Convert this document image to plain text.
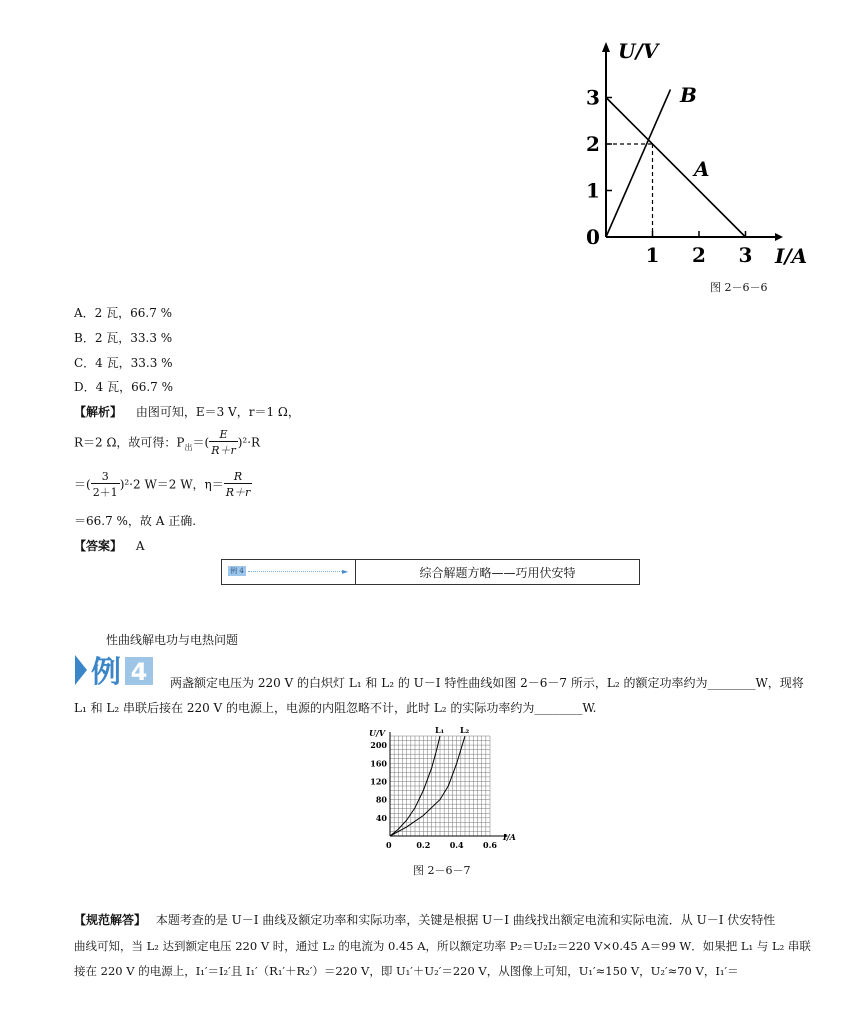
U/V
I/A
0
1 2 3
1
2
3	B
A
图 2－6－6
A．2 瓦，66.7 %
B．2 瓦，33.3 %
C．4 瓦，33.3 %
D．4 瓦，66.7 %
【解析】 由图可知，E＝3 V，r＝1 Ω，
R＝2 Ω，故可得：$P_出=( \frac{E}{R+r} )^2\cdot R$
＝( $\frac{3}{2+1} )^2\cdot 2$ W＝2 W，$\eta= \frac{R}{R+r}$
＝66.7 %，故 A 正确.
【答案】 A
例 4	►	综合解题方略——巧用伏安特
性曲线解电功与电热问题
例 4 两盏额定电压为 220 V 的白炽灯 L₁ 和 L₂ 的 U－I 特性曲线如图 2－6－7 所示，L₂ 的额定功率约为________W，现将
L₁ 和 L₂ 串联后接在 220 V 的电源上，电源的内阻忽略不计，此时 L₂ 的实际功率约为________W.
U/V
I/A
0
40
80
120
160
200
0.2 0.4 0.6
L₁ L₂
图 2－6－7
【规范解答】 本题考查的是 U－I 曲线及额定功率和实际功率，关键是根据 U－I 曲线找出额定电流和实际电流．从 U－I 伏安特性
曲线可知，当 L₂ 达到额定电压 220 V 时，通过 L₂ 的电流为 0.45 A，所以额定功率 P₂＝U₂I₂＝220 V×0.45 A＝99 W．如果把 L₁ 与 L₂ 串联
接在 220 V 的电源上，I₁′＝I₂′且 I₁′（R₁′＋R₂′）＝220 V，即 U₁′＋U₂′＝220 V，从图像上可知，U₁′≈150 V，U₂′≈70 V，I₁′＝
